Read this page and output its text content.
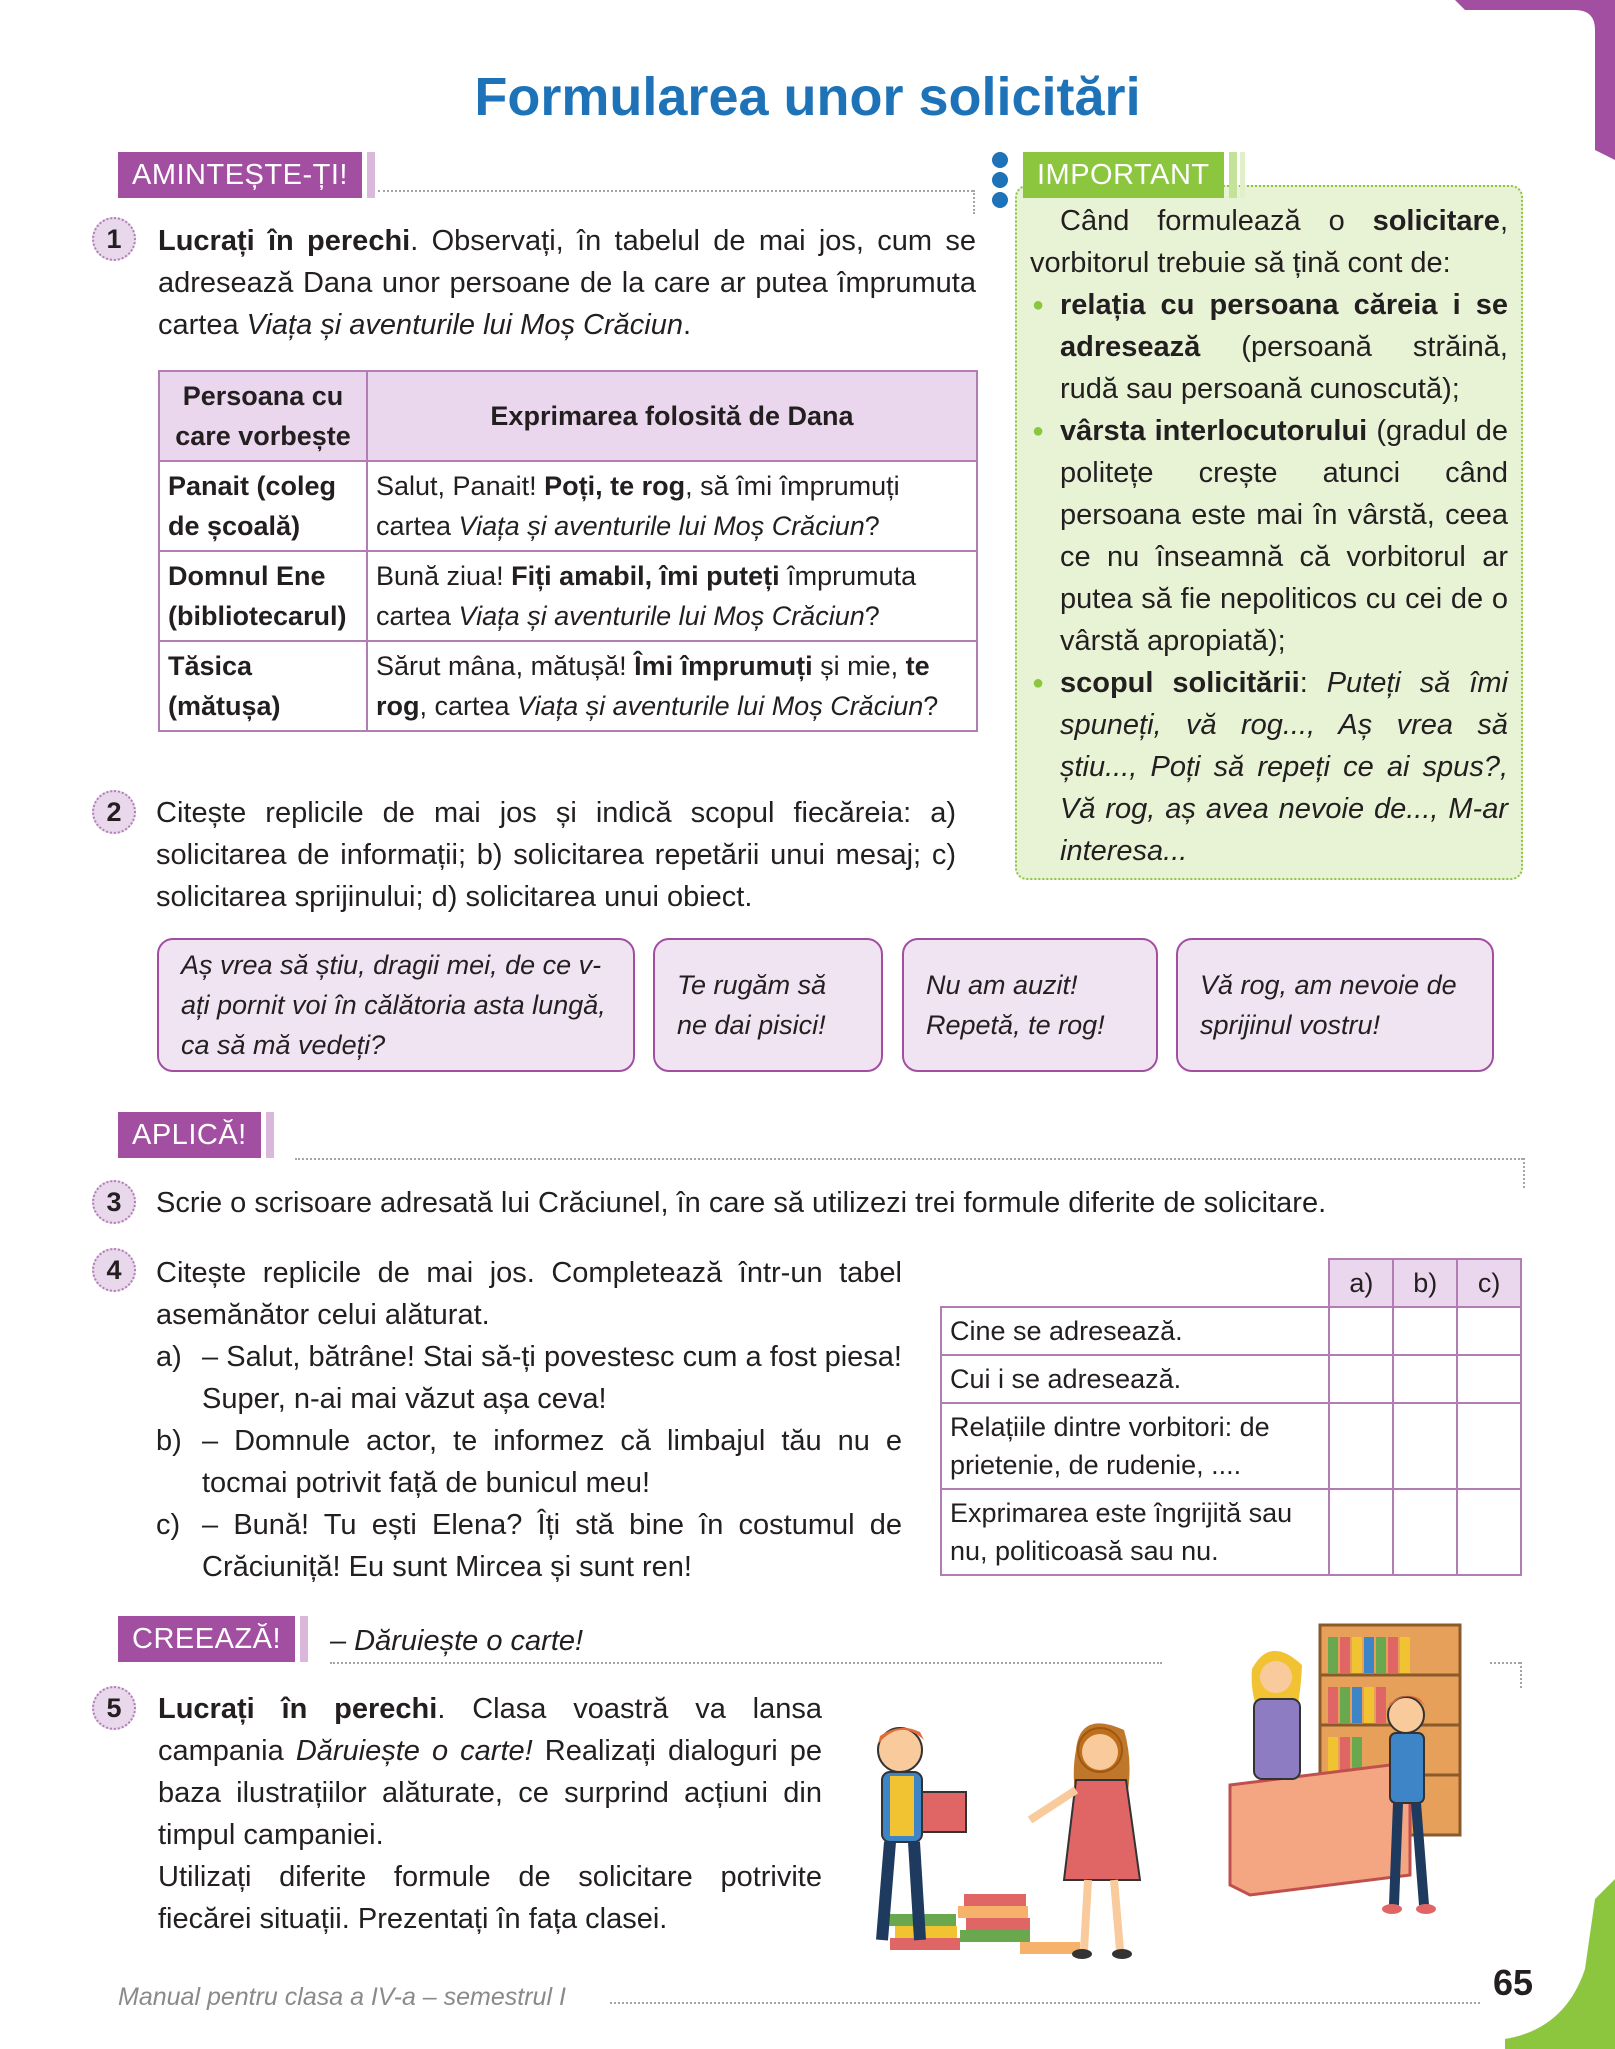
Formularea unor solicitări
AMINTEȘTE-ȚI!
1	Lucrați în perechi. Observați, în tabelul de mai jos, cum se adresează Dana unor persoane de la care ar putea împrumuta cartea Viața și aventurile lui Moș Crăciun.

Persoana cu care vorbește	Exprimarea folosită de Dana
Panait (coleg de școală)	Salut, Panait! Poți, te rog, să îmi împrumuți cartea Viața și aventurile lui Moș Crăciun?
Domnul Ene (bibliotecarul)	Bună ziua! Fiți amabil, îmi puteți împrumuta cartea Viața și aventurile lui Moș Crăciun?
Tăsica (mătușa)	Sărut mâna, mătușă! Îmi împrumuți și mie, te rog, cartea Viața și aventurile lui Moș Crăciun?
2	Citește replicile de mai jos și indică scopul fiecăreia: a) solicitarea de informații; b) solicitarea repetării unui mesaj; c) solicitarea sprijinului; d) solicitarea unui obiect.

Aș vrea să știu, dragii mei, de ce v-ați pornit voi în călătoria asta lungă, ca să mă vedeți?
Te rugăm să ne dai pisici!
Nu am auzit! Repetă, te rog!
Vă rog, am nevoie de sprijinul vostru!
IMPORTANT

Când formulează o solicitare, vorbitorul trebuie să țină cont de:

● relația cu persoana căreia i se adresează (persoană străină, rudă sau persoană cunoscută);
● vârsta interlocutorului (gradul de politețe crește atunci când persoana este mai în vârstă, ceea ce nu înseamnă că vorbitorul ar putea să fie nepoliticos cu cei de o vârstă apropiată);
● scopul solicitării: Puteți să îmi spuneți, vă rog..., Aș vrea să știu..., Poți să repeți ce ai spus?, Vă rog, aș avea nevoie de..., M-ar interesa...
APLICĂ!
3	Scrie o scrisoare adresată lui Crăciunel, în care să utilizezi trei formule diferite de solicitare.

4	Citește replicile de mai jos. Completează într-un tabel asemănător celui alăturat.

a) – Salut, bătrâne! Stai să-ți povestesc cum a fost piesa! Super, n-ai mai văzut așa ceva!

b) – Domnule actor, te informez că limbajul tău nu e tocmai potrivit față de bunicul meu!

c) – Bună! Tu ești Elena? Îți stă bine în costumul de Crăciuniță! Eu sunt Mircea și sunt ren!

	a)	b)	c)
Cine se adresează.			
Cui i se adresează.			
Relațiile dintre vorbitori: de prietenie, de rudenie, ....			
Exprimarea este îngrijită sau nu, politicoasă sau nu.			
CREEAZĂ!	– Dăruiește o carte!

5	Lucrați în perechi. Clasa voastră va lansa campania Dăruiește o carte! Realizați dialoguri pe baza ilustrațiilor alăturate, ce surprind acțiuni din timpul campaniei.

Utilizați diferite formule de solicitare potrivite fiecărei situații. Prezentați în fața clasei.

Manual pentru clasa a IV-a – semestrul I	65
